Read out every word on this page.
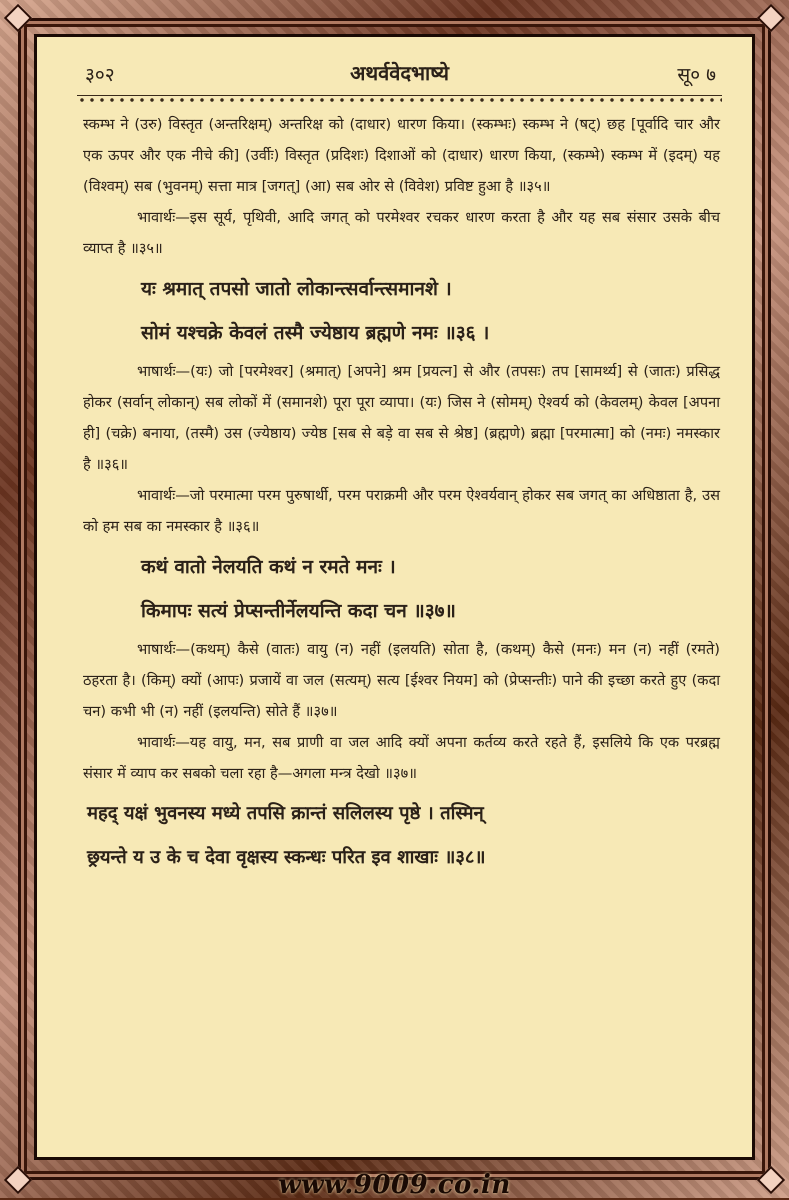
३०२	अथर्ववेदभाष्ये	सू० ७

स्कम्भ ने (उरु) विस्तृत (अन्तरिक्षम्) अन्तरिक्ष को (दाधार) धारण किया। (स्कम्भः) स्कम्भ ने (षट्) छह [पूर्वादि चार और एक ऊपर और एक नीचे की] (उर्वीः) विस्तृत (प्रदिशः) दिशाओं को (दाधार) धारण किया, (स्कम्भे) स्कम्भ में (इदम्) यह (विश्वम्) सब (भुवनम्) सत्ता मात्र [जगत्] (आ) सब ओर से (विवेश) प्रविष्ट हुआ है ॥३५॥

भावार्थः—इस सूर्य, पृथिवी, आदि जगत् को परमेश्वर रचकर धारण करता है और यह सब संसार उसके बीच व्याप्त है ॥३५॥

यः श्रमात् तपसो जातो लोकान्त्सर्वान्त्समानशे ।
सोमं यश्चक्रे केवलं तस्मै ज्येष्ठाय ब्रह्मणे नमः ॥३६ ।

भाषार्थः—(यः) जो [परमेश्वर] (श्रमात्) [अपने] श्रम [प्रयत्न] से और (तपसः) तप [सामर्थ्य] से (जातः) प्रसिद्ध होकर (सर्वान् लोकान्) सब लोकों में (समानशे) पूरा पूरा व्यापा। (यः) जिस ने (सोमम्) ऐश्वर्य को (केवलम्) केवल [अपना ही] (चक्रे) बनाया, (तस्मै) उस (ज्येष्ठाय) ज्येष्ठ [सब से बड़े वा सब से श्रेष्ठ] (ब्रह्मणे) ब्रह्मा [परमात्मा] को (नमः) नमस्कार है ॥३६॥

भावार्थः—जो परमात्मा परम पुरुषार्थी, परम पराक्रमी और परम ऐश्वर्यवान् होकर सब जगत् का अधिष्ठाता है, उस को हम सब का नमस्कार है ॥३६॥

कथं वातो नेलयति कथं न रमते मनः ।
किमापः सत्यं प्रेप्सन्तीर्नेलयन्ति कदा चन ॥३७॥

भाषार्थः—(कथम्) कैसे (वातः) वायु (न) नहीं (इलयति) सोता है, (कथम्) कैसे (मनः) मन (न) नहीं (रमते) ठहरता है। (किम्) क्यों (आपः) प्रजायें वा जल (सत्यम्) सत्य [ईश्वर नियम] को (प्रेप्सन्तीः) पाने की इच्छा करते हुए (कदा चन) कभी भी (न) नहीं (इलयन्ति) सोते हैं ॥३७॥

भावार्थः—यह वायु, मन, सब प्राणी वा जल आदि क्यों अपना कर्तव्य करते रहते हैं, इसलिये कि एक परब्रह्म संसार में व्याप कर सबको चला रहा है—अगला मन्त्र देखो ॥३७॥

महद् यक्षं भुवनस्य मध्ये तपसि क्रान्तं सलिलस्य पृष्ठे । तस्मिन्
छ्रयन्ते य उ के च देवा वृक्षस्य स्कन्धः परित इव शाखाः ॥३८॥
www.9009.co.in
